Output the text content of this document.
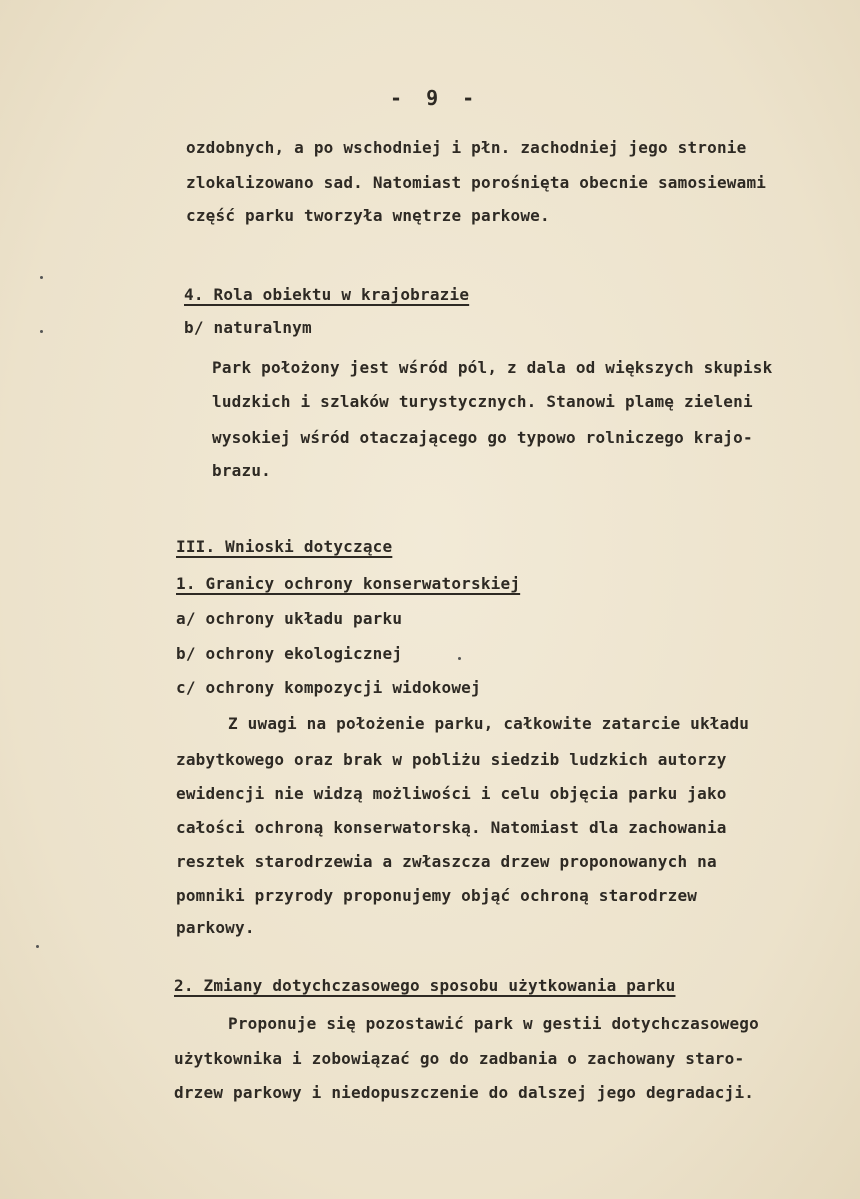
- 9 -
ozdobnych, a po wschodniej i płn. zachodniej jego stronie
zlokalizowano sad. Natomiast porośnięta obecnie samosiewami
część parku tworzyła wnętrze parkowe.
4. Rola obiektu w krajobrazie
b/ naturalnym
Park położony jest wśród pól, z dala od większych skupisk
ludzkich i szlaków turystycznych. Stanowi plamę zieleni
wysokiej wśród otaczającego go typowo rolniczego krajo-
brazu.
III. Wnioski dotyczące
1. Granicy ochrony konserwatorskiej
a/ ochrony układu parku
b/ ochrony ekologicznej
c/ ochrony kompozycji widokowej
Z uwagi na położenie parku, całkowite zatarcie układu
zabytkowego oraz brak w pobliżu siedzib ludzkich autorzy
ewidencji nie widzą możliwości i celu objęcia parku jako
całości ochroną konserwatorską. Natomiast dla zachowania
resztek starodrzewia a zwłaszcza drzew proponowanych na
pomniki przyrody proponujemy objąć ochroną starodrzew
parkowy.
2. Zmiany dotychczasowego sposobu użytkowania parku
Proponuje się pozostawić park w gestii dotychczasowego
użytkownika i zobowiązać go do zadbania o zachowany staro-
drzew parkowy i niedopuszczenie do dalszej jego degradacji.
